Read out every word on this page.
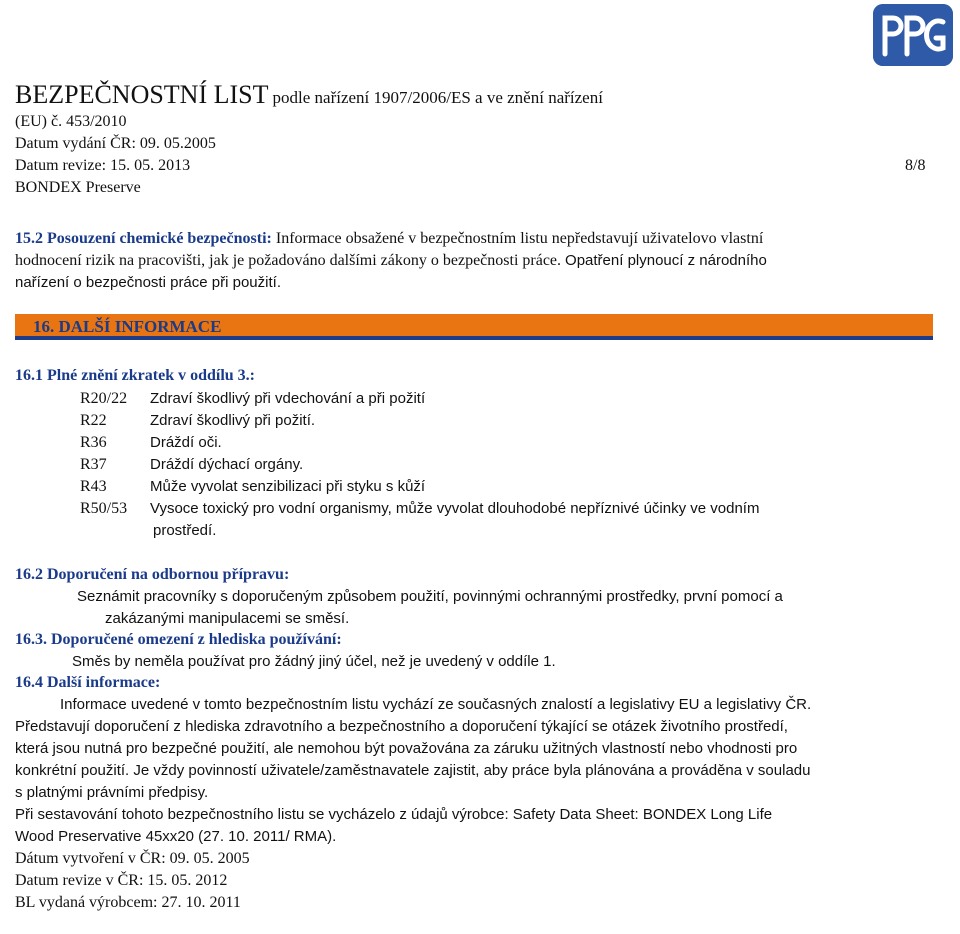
BEZPEČNOSTNÍ LIST podle nařízení 1907/2006/ES a ve znění nařízení
(EU) č. 453/2010
Datum vydání ČR: 09. 05.2005
Datum revize: 15. 05. 2013	8/8
BONDEX Preserve
15.2 Posouzení chemické bezpečnosti: Informace obsažené v bezpečnostním listu nepředstavují uživatelovo vlastní
hodnocení rizik na pracovišti, jak je požadováno dalšími zákony o bezpečnosti práce. Opatření plynoucí z národního
nařízení o bezpečnosti práce při použití.
16. DALŠÍ INFORMACE
16.1 Plné znění zkratek v oddílu 3.:
R20/22 Zdraví škodlivý při vdechování a při požití
R22	Zdraví škodlivý při požití.
R36	Dráždí oči.
R37	Dráždí dýchací orgány.
R43	Může vyvolat senzibilizaci při styku s kůží
R50/53 Vysoce toxický pro vodní organismy, může vyvolat dlouhodobé nepříznivé účinky ve vodním
prostředí.
16.2 Doporučení na odbornou přípravu:
Seznámit pracovníky s doporučeným způsobem použití, povinnými ochrannými prostředky, první pomocí a
zakázanými manipulacemi se směsí.
16.3. Doporučené omezení z hlediska používání:
Směs by neměla používat pro žádný jiný účel, než je uvedený v oddíle 1.
16.4 Další informace:
Informace uvedené v tomto bezpečnostním listu vychází ze současných znalostí a legislativy EU a legislativy ČR.
Představují doporučení z hlediska zdravotního a bezpečnostního a doporučení týkající se otázek životního prostředí,
která jsou nutná pro bezpečné použití, ale nemohou být považována za záruku užitných vlastností nebo vhodnosti pro
konkrétní použití. Je vždy povinností uživatele/zaměstnavatele zajistit, aby práce byla plánována a prováděna v souladu
s platnými právními předpisy.
Při sestavování tohoto bezpečnostního listu se vycházelo z údajů výrobce: Safety Data Sheet: BONDEX Long Life
Wood Preservative 45xx20 (27. 10. 2011/ RMA).
Dátum vytvoření v ČR: 09. 05. 2005
Datum revize v ČR: 15. 05. 2012
BL vydaná výrobcem: 27. 10. 2011
